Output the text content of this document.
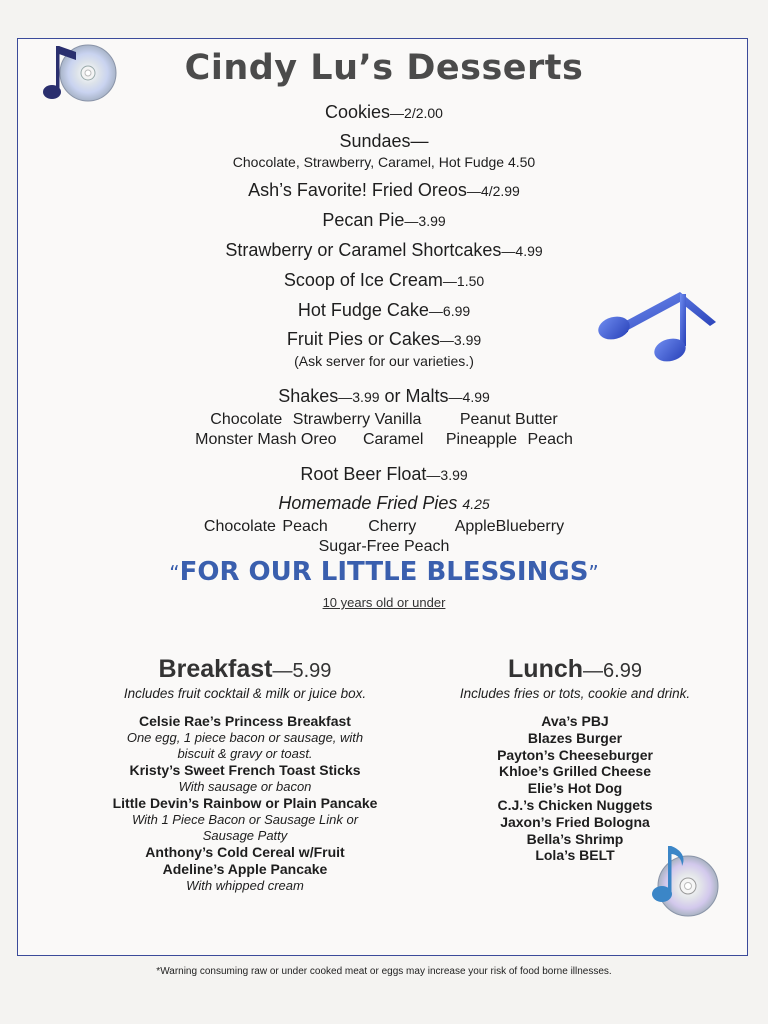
Cindy Lu’s Desserts
Cookies—2/2.00
Sundaes—
Chocolate, Strawberry, Caramel, Hot Fudge 4.50
Ash’s Favorite! Fried Oreos—4/2.99
Pecan Pie—3.99
Strawberry or Caramel Shortcakes—4.99
Scoop of Ice Cream—1.50
Hot Fudge Cake—6.99
Fruit Pies or Cakes—3.99
(Ask server for our varieties.)
Shakes—3.99 or Malts—4.99
Chocolate Strawberry Vanilla Peanut Butter
Monster Mash Oreo Caramel Pineapple Peach
Root Beer Float—3.99
Homemade Fried Pies 4.25
Chocolate Peach	Cherry AppleBlueberry
Sugar-Free Peach
“FOR OUR LITTLE BLESSINGS”
10 years old or under
Breakfast—5.99
Includes fruit cocktail & milk or juice box.
Celsie Rae’s Princess Breakfast
One egg, 1 piece bacon or sausage, with
biscuit & gravy or toast.
Kristy’s Sweet French Toast Sticks
With sausage or bacon
Little Devin’s Rainbow or Plain Pancake
With 1 Piece Bacon or Sausage Link or
Sausage Patty
Anthony’s Cold Cereal w/Fruit
Adeline’s Apple Pancake
With whipped cream
Lunch—6.99
Includes fries or tots, cookie and drink.
Ava’s PBJ
Blazes Burger
Payton’s Cheeseburger
Khloe’s Grilled Cheese
Elie’s Hot Dog
C.J.’s Chicken Nuggets
Jaxon’s Fried Bologna
Bella’s Shrimp
Lola’s BELT
*Warning consuming raw or under cooked meat or eggs may increase your risk of food borne illnesses.
